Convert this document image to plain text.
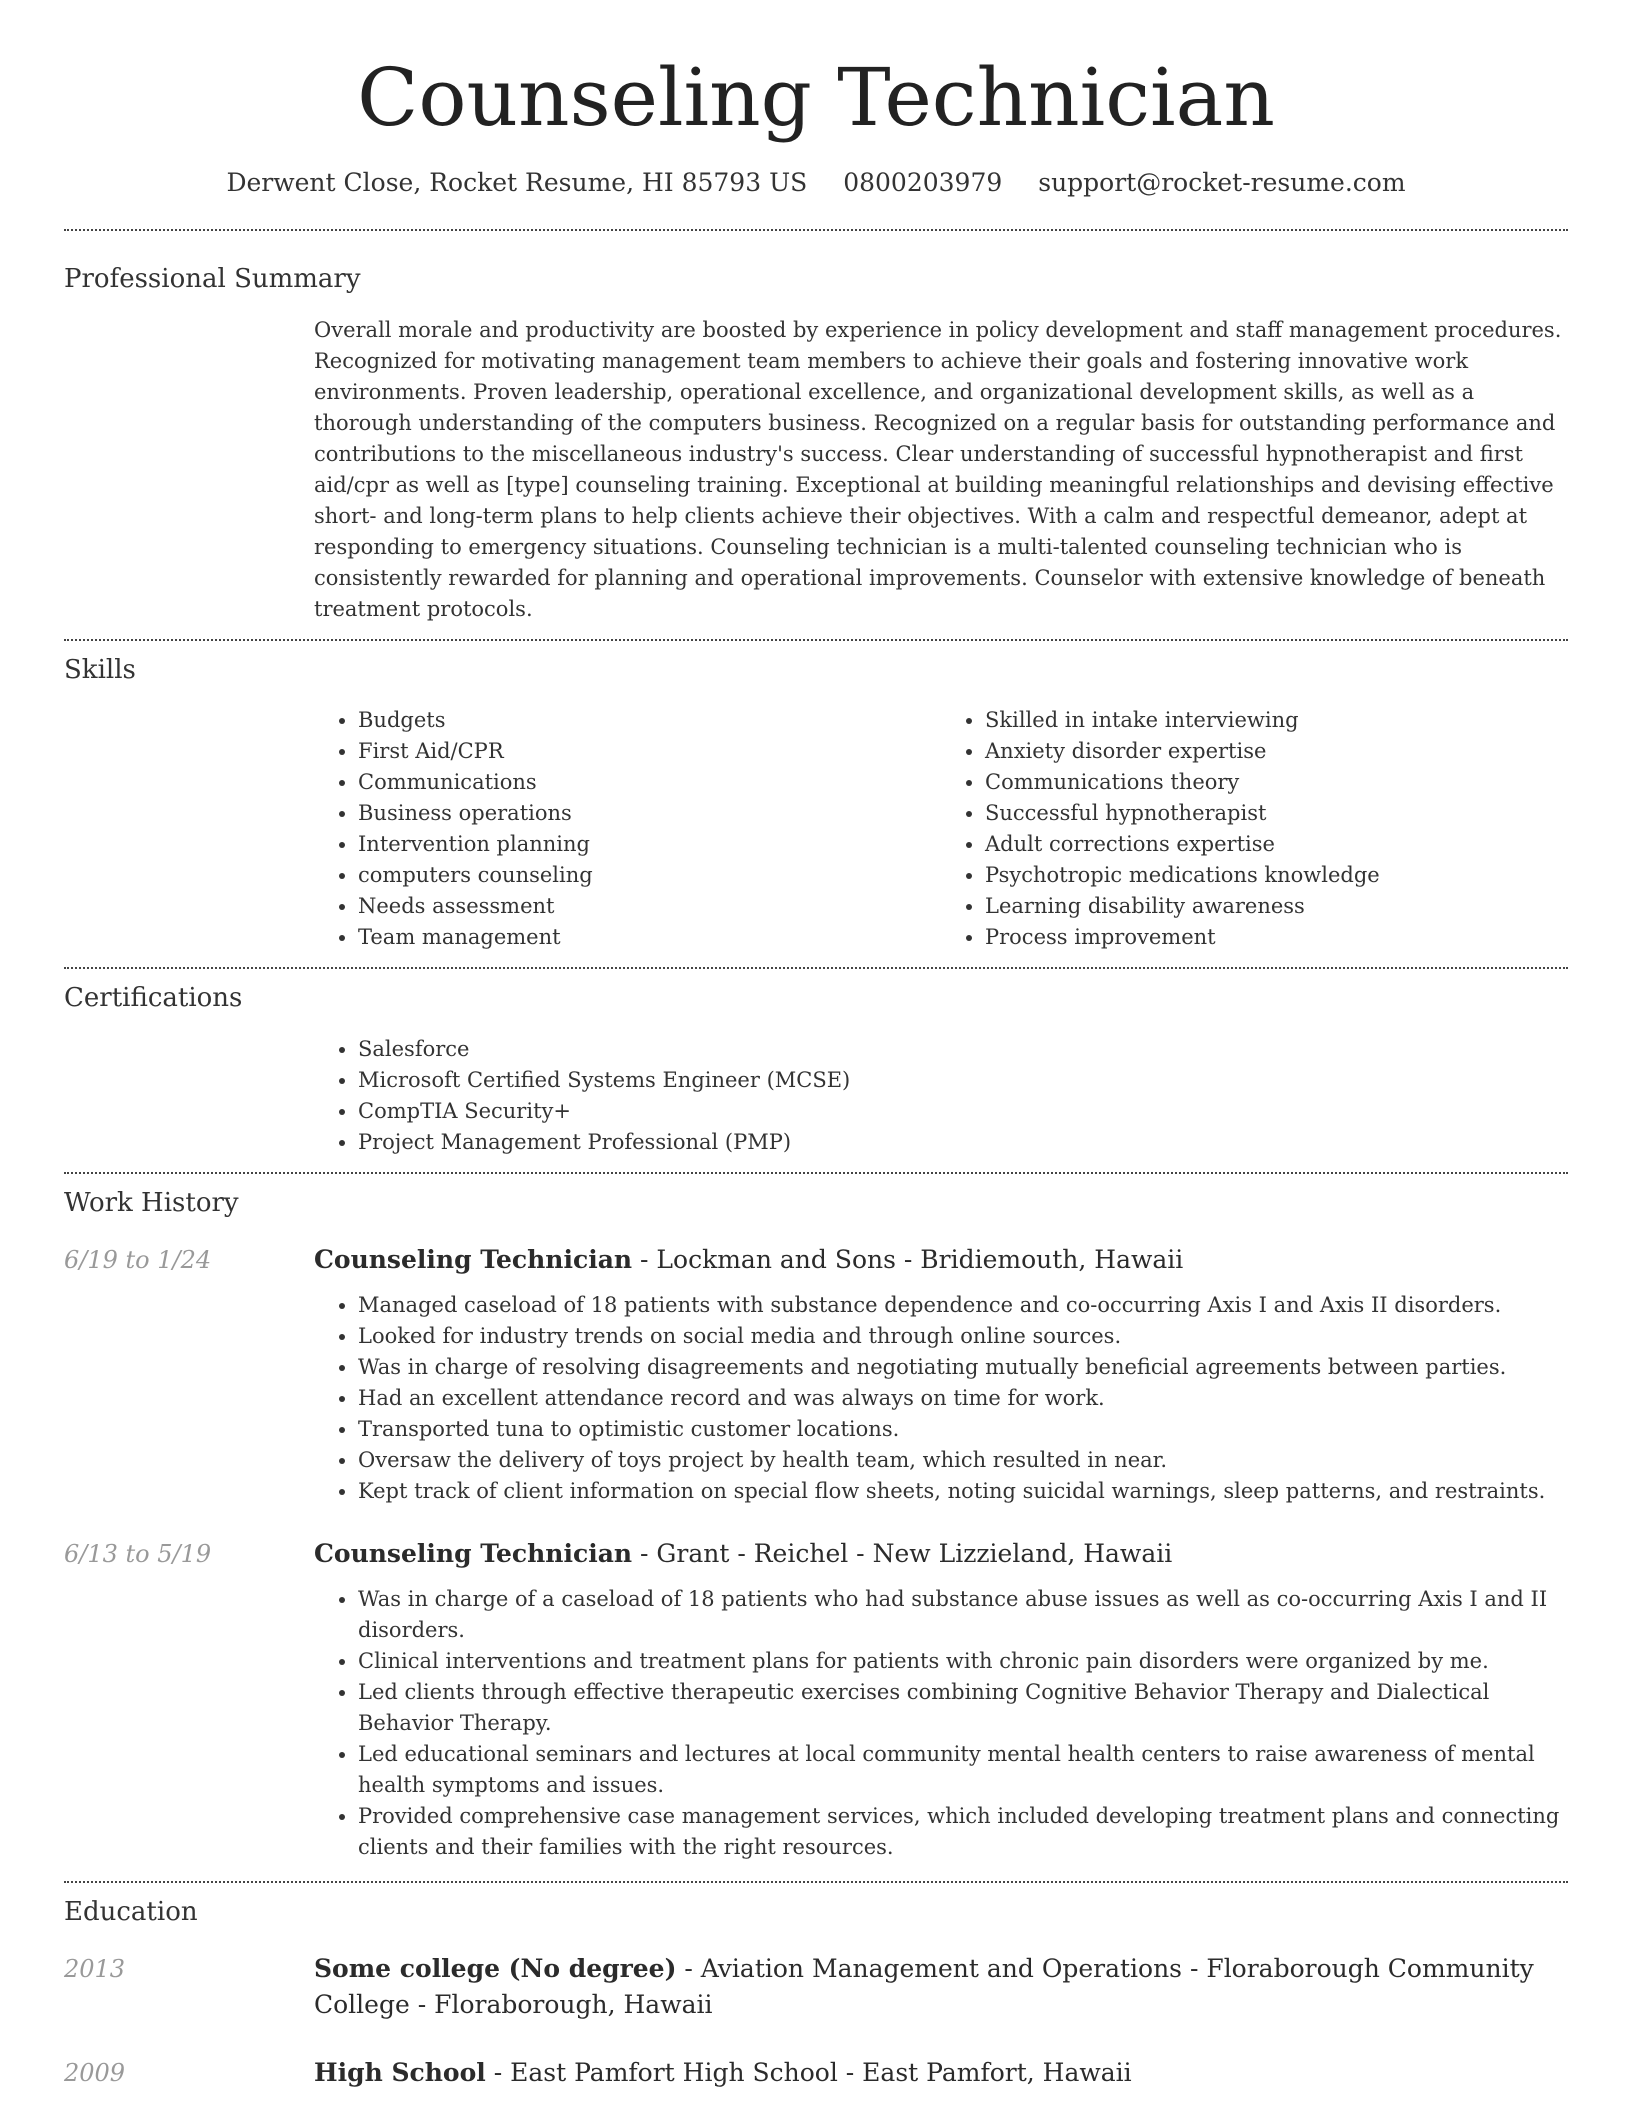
Counseling Technician
Derwent Close, Rocket Resume, HI 85793 US 0800203979 support@rocket-resume.com
Professional Summary

Overall morale and productivity are boosted by experience in policy development and staff management procedures. Recognized for motivating management team members to achieve their goals and fostering innovative work environments. Proven leadership, operational excellence, and organizational development skills, as well as a thorough understanding of the computers business. Recognized on a regular basis for outstanding performance and contributions to the miscellaneous industry's success. Clear understanding of successful hypnotherapist and first aid/cpr as well as [type] counseling training. Exceptional at building meaningful relationships and devising effective short- and long-term plans to help clients achieve their objectives. With a calm and respectful demeanor, adept at responding to emergency situations. Counseling technician is a multi-talented counseling technician who is consistently rewarded for planning and operational improvements. Counselor with extensive knowledge of beneath treatment protocols.

Skills
• Budgets
• First Aid/CPR
• Communications
• Business operations
• Intervention planning
• computers counseling
• Needs assessment
• Team management
• Skilled in intake interviewing
• Anxiety disorder expertise
• Communications theory
• Successful hypnotherapist
• Adult corrections expertise
• Psychotropic medications knowledge
• Learning disability awareness
• Process improvement
Certifications
• Salesforce
• Microsoft Certified Systems Engineer (MCSE)
• CompTIA Security+
• Project Management Professional (PMP)
Work History
6/19 to 1/24	Counseling Technician - Lockman and Sons - Bridiemouth, Hawaii
• Managed caseload of 18 patients with substance dependence and co-occurring Axis I and Axis II disorders.
• Looked for industry trends on social media and through online sources.
• Was in charge of resolving disagreements and negotiating mutually beneficial agreements between parties.
• Had an excellent attendance record and was always on time for work.
• Transported tuna to optimistic customer locations.
• Oversaw the delivery of toys project by health team, which resulted in near.
• Kept track of client information on special flow sheets, noting suicidal warnings, sleep patterns, and restraints.
6/13 to 5/19	Counseling Technician - Grant - Reichel - New Lizzieland, Hawaii
• Was in charge of a caseload of 18 patients who had substance abuse issues as well as co-occurring Axis I and II disorders.
• Clinical interventions and treatment plans for patients with chronic pain disorders were organized by me.
• Led clients through effective therapeutic exercises combining Cognitive Behavior Therapy and Dialectical Behavior Therapy.
• Led educational seminars and lectures at local community mental health centers to raise awareness of mental health symptoms and issues.
• Provided comprehensive case management services, which included developing treatment plans and connecting clients and their families with the right resources.
Education
2013	Some college (No degree) - Aviation Management and Operations - Floraborough Community College - Floraborough, Hawaii
2009	High School - East Pamfort High School - East Pamfort, Hawaii
